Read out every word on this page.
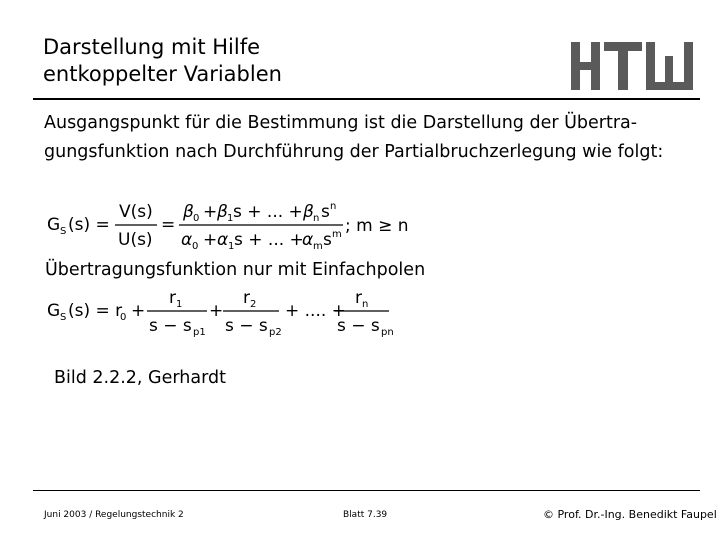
Darstellung mit Hilfe
entkoppelter Variablen
Ausgangspunkt für die Bestimmung ist die Darstellung der Übertra-
gungsfunktion nach Durchführung der Partialbruchzerlegung wie folgt:
G S (s) =
V(s)
U(s)
=
β 0 + β 1 s + ... + β n s n
α 0 + α 1 s + ... +
α m s m ; m ≥ n
Übertragungsfunktion nur mit Einfachpolen
G S (s) = r
0 +
r 1
s − s p1
+
r 2
s − s p2
+ .... +
r n
s − s pn
Bild 2.2.2, Gerhardt
Juni 2003 / Regelungstechnik 2	Blatt 7.39	© Prof. Dr.-Ing. Benedikt Faupel
